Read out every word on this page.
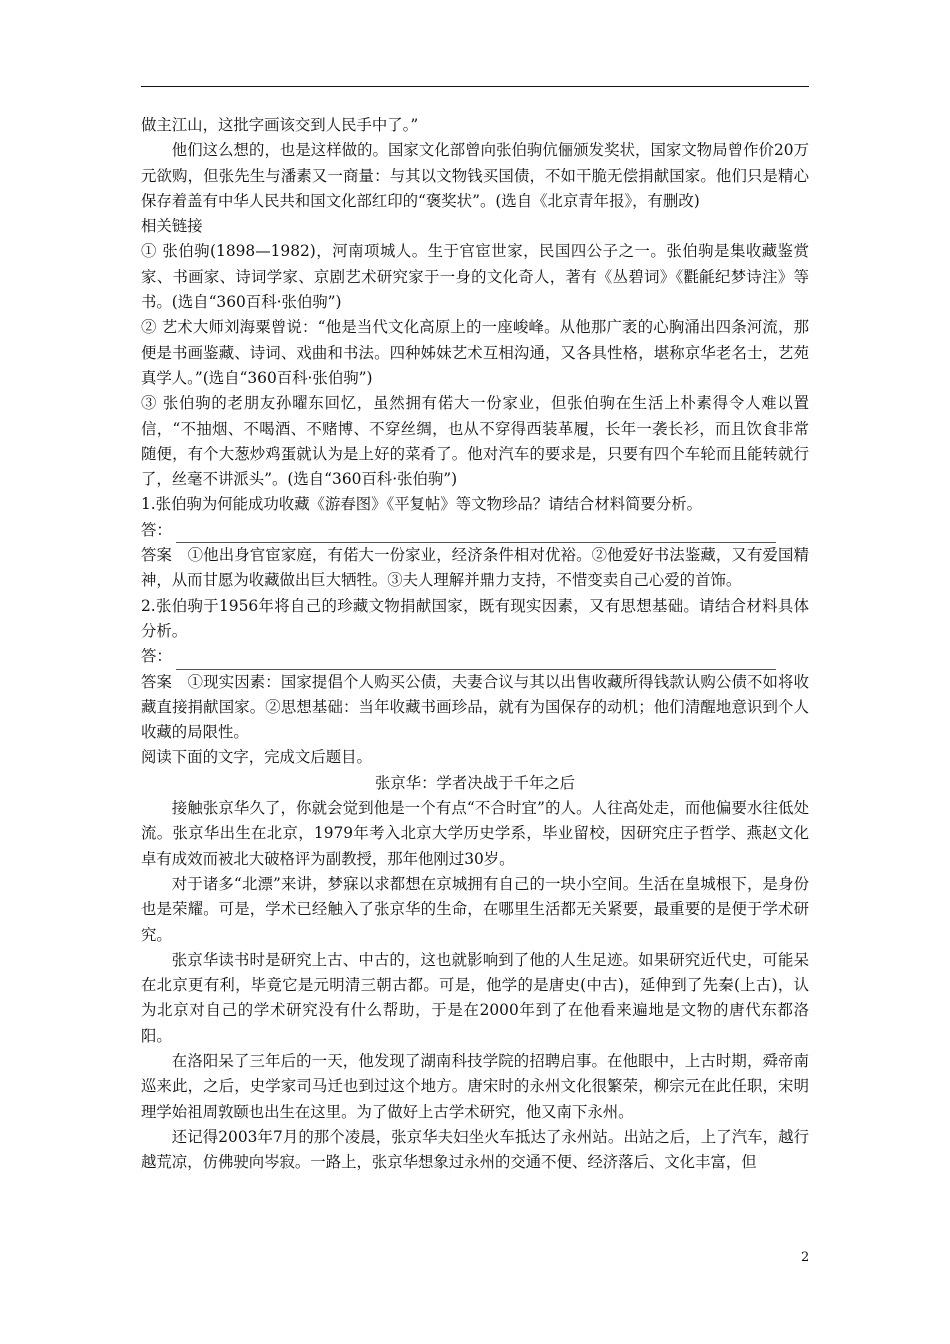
做主江山，这批字画该交到人民手中了。”

他们这么想的，也是这样做的。国家文化部曾向张伯驹伉俪颁发奖状，国家文物局曾作价20万元欲购，但张先生与潘素又一商量：与其以文物钱买国债，不如干脆无偿捐献国家。他们只是精心保存着盖有中华人民共和国文化部红印的“褒奖状”。(选自《北京青年报》，有删改)

相关链接

① 张伯驹(1898—1982)，河南项城人。生于官宦世家，民国四公子之一。张伯驹是集收藏鉴赏家、书画家、诗词学家、京剧艺术研究家于一身的文化奇人，著有《丛碧词》《氍毹纪梦诗注》等书。(选自“360百科·张伯驹”)

② 艺术大师刘海粟曾说：“他是当代文化高原上的一座峻峰。从他那广袤的心胸涌出四条河流，那便是书画鉴藏、诗词、戏曲和书法。四种姊妹艺术互相沟通，又各具性格，堪称京华老名士，艺苑真学人。”(选自“360百科·张伯驹”)

③ 张伯驹的老朋友孙曜东回忆，虽然拥有偌大一份家业，但张伯驹在生活上朴素得令人难以置信，“不抽烟、不喝酒、不赌博、不穿丝绸，也从不穿得西装革履，长年一袭长衫，而且饮食非常随便，有个大葱炒鸡蛋就认为是上好的菜肴了。他对汽车的要求是，只要有四个车轮而且能转就行了，丝毫不讲派头”。(选自“360百科·张伯驹”)

1.张伯驹为何能成功收藏《游春图》《平复帖》等文物珍品？请结合材料简要分析。

答：

答案　①他出身官宦家庭，有偌大一份家业，经济条件相对优裕。②他爱好书法鉴藏，又有爱国精神，从而甘愿为收藏做出巨大牺牲。③夫人理解并鼎力支持，不惜变卖自己心爱的首饰。

2.张伯驹于1956年将自己的珍藏文物捐献国家，既有现实因素，又有思想基础。请结合材料具体分析。

答：

答案　①现实因素：国家提倡个人购买公债，夫妻合议与其以出售收藏所得钱款认购公债不如将收藏直接捐献国家。②思想基础：当年收藏书画珍品，就有为国保存的动机；他们清醒地意识到个人收藏的局限性。

阅读下面的文字，完成文后题目。

张京华：学者决战于千年之后

接触张京华久了，你就会觉到他是一个有点“不合时宜”的人。人往高处走，而他偏要水往低处流。张京华出生在北京，1979年考入北京大学历史学系，毕业留校，因研究庄子哲学、燕赵文化卓有成效而被北大破格评为副教授，那年他刚过30岁。

对于诸多“北漂”来讲，梦寐以求都想在京城拥有自己的一块小空间。生活在皇城根下，是身份也是荣耀。可是，学术已经触入了张京华的生命，在哪里生活都无关紧要，最重要的是便于学术研究。

张京华读书时是研究上古、中古的，这也就影响到了他的人生足迹。如果研究近代史，可能呆在北京更有利，毕竟它是元明清三朝古都。可是，他学的是唐史(中古)，延伸到了先秦(上古)，认为北京对自己的学术研究没有什么帮助，于是在2000年到了在他看来遍地是文物的唐代东都洛阳。

在洛阳呆了三年后的一天，他发现了湖南科技学院的招聘启事。在他眼中，上古时期，舜帝南巡来此，之后，史学家司马迁也到过这个地方。唐宋时的永州文化很繁荣，柳宗元在此任职，宋明理学始祖周敦颐也出生在这里。为了做好上古学术研究，他又南下永州。

还记得2003年7月的那个凌晨，张京华夫妇坐火车抵达了永州站。出站之后，上了汽车，越行越荒凉，仿佛驶向岑寂。一路上，张京华想象过永州的交通不便、经济落后、文化丰富，但

2
